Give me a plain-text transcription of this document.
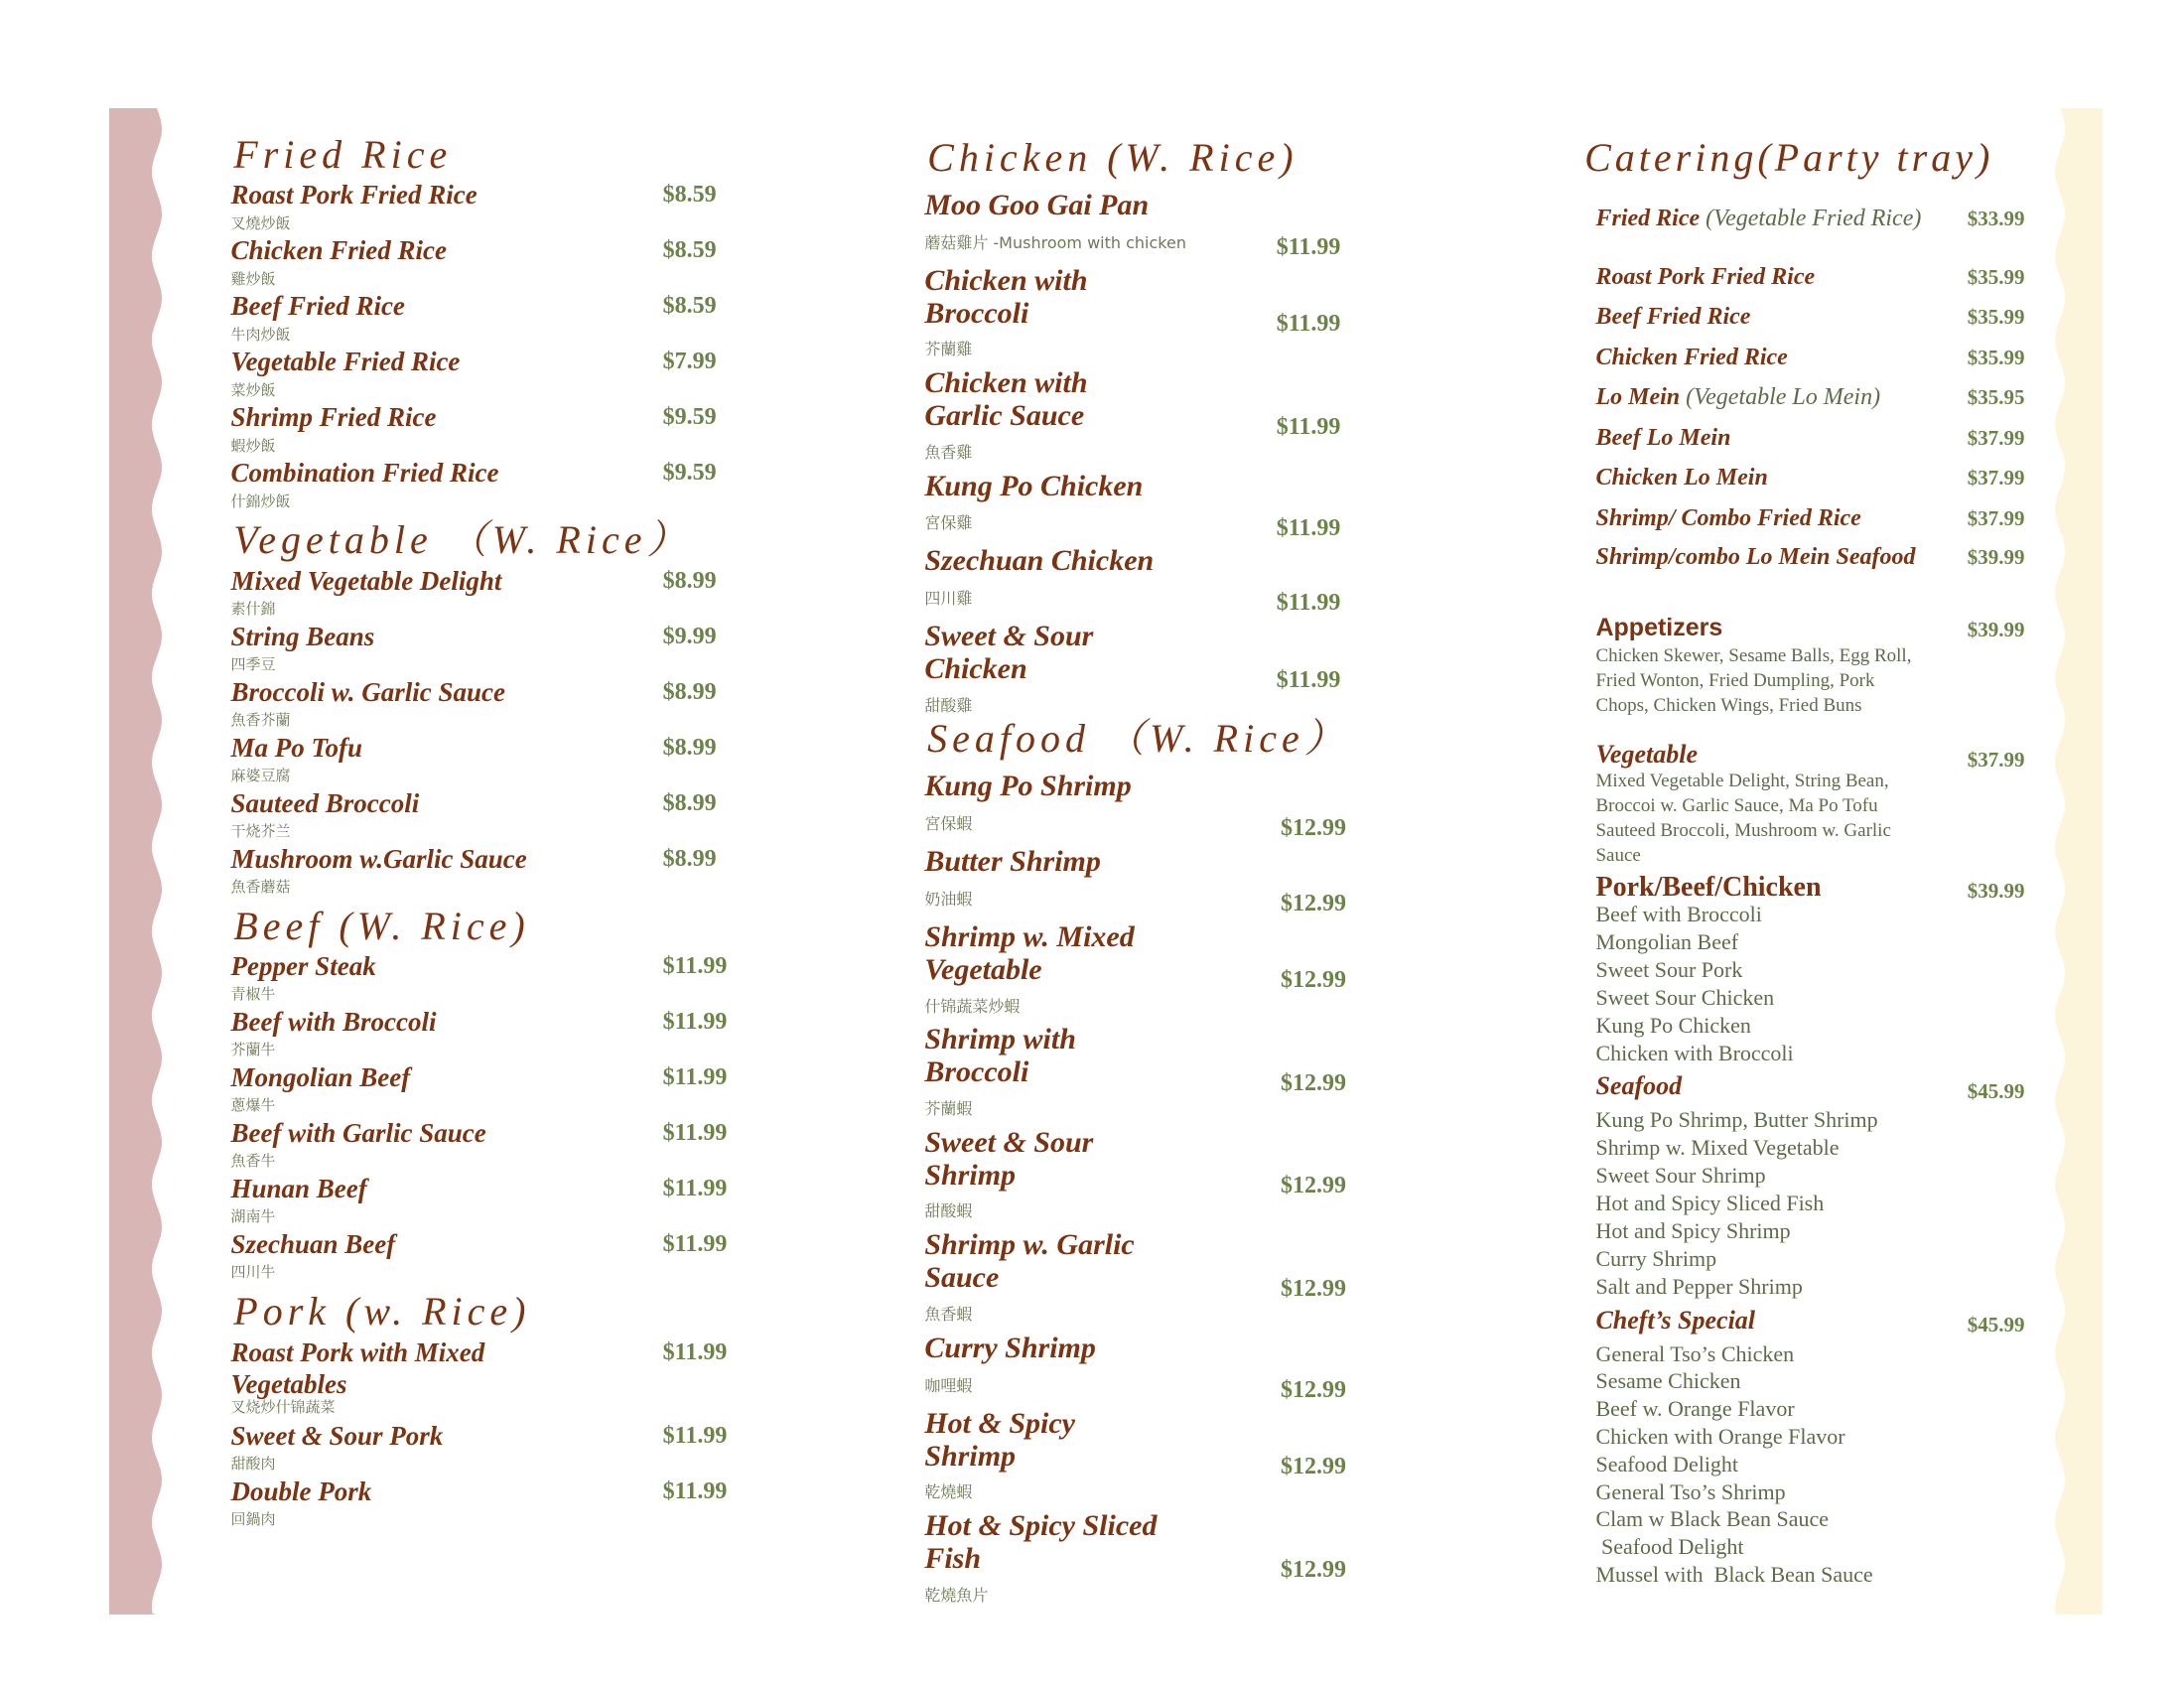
Fried Rice
Roast Pork Fried Rice	$8.59
叉燒炒飯
Chicken Fried Rice	$8.59
雞炒飯
Beef Fried Rice	$8.59
牛肉炒飯
Vegetable Fried Rice	$7.99
菜炒飯
Shrimp Fried Rice	$9.59
蝦炒飯
Combination Fried Rice	$9.59
什錦炒飯
Vegetable （W. Rice）
Mixed Vegetable Delight	$8.99
素什錦
String Beans	$9.99
四季豆
Broccoli w. Garlic Sauce	$8.99
魚香芥蘭
Ma Po Tofu	$8.99
麻婆豆腐
Sauteed Broccoli	$8.99
干烧芥兰
Mushroom w.Garlic Sauce	$8.99
魚香蘑菇
Beef (W. Rice)
Pepper Steak	$11.99
青椒牛
Beef with Broccoli	$11.99
芥蘭牛
Mongolian Beef	$11.99
蔥爆牛
Beef with Garlic Sauce	$11.99
魚香牛
Hunan Beef	$11.99
湖南牛
Szechuan Beef	$11.99
四川牛
Pork (w. Rice)
Roast Pork with Mixed
Vegetables
$11.99
叉烧炒什锦蔬菜
Sweet & Sour Pork	$11.99
甜酸肉
Double Pork	$11.99
回鍋肉
Chicken (W. Rice)
Moo Goo Gai Pan
$11.99
蘑菇雞片 -Mushroom with chicken
Chicken with
Broccoli	$11.99
芥蘭雞
Chicken with
Garlic Sauce	$11.99
魚香雞
Kung Po Chicken
$11.99
宮保雞
Szechuan Chicken
$11.99
四川雞
Sweet & Sour
Chicken	$11.99
甜酸雞
Seafood （W. Rice）
Kung Po Shrimp
$12.99
宮保蝦
Butter Shrimp
$12.99
奶油蝦
Shrimp w. Mixed
Vegetable	$12.99
什锦蔬菜炒蝦
Shrimp with
Broccoli	$12.99
芥蘭蝦
Sweet & Sour
Shrimp	$12.99
甜酸蝦
Shrimp w. Garlic
Sauce	$12.99
魚香蝦
Curry Shrimp
$12.99
咖哩蝦
Hot & Spicy
Shrimp	$12.99
乾燒蝦
Hot & Spicy Sliced
Fish	$12.99
乾燒魚片
Catering(Party tray)
Fried Rice (Vegetable Fried Rice) $33.99
Roast Pork Fried Rice	$35.99
Beef Fried Rice	$35.99
Chicken Fried Rice	$35.99
Lo Mein (Vegetable Lo Mein)	$35.95
Beef Lo Mein	$37.99
Chicken Lo Mein	$37.99
Shrimp/ Combo Fried Rice	$37.99
Shrimp/combo Lo Mein Seafood	$39.99
Appetizers	$39.99
Chicken Skewer, Sesame Balls, Egg Roll, Fried Wonton, Fried Dumpling, Pork Chops, Chicken Wings, Fried Buns
Vegetable	$37.99
Mixed Vegetable Delight, String Bean, Broccoi w. Garlic Sauce, Ma Po Tofu Sauteed Broccoli, Mushroom w. Garlic Sauce
Pork/Beef/Chicken	$39.99
Beef with Broccoli
Mongolian Beef
Sweet Sour Pork
Sweet Sour Chicken
Kung Po Chicken
Chicken with Broccoli
Seafood	$45.99
Kung Po Shrimp, Butter Shrimp
Shrimp w. Mixed Vegetable
Sweet Sour Shrimp
Hot and Spicy Sliced Fish
Hot and Spicy Shrimp
Curry Shrimp
Salt and Pepper Shrimp
Cheft’s Special	$45.99
General Tso’s Chicken
Sesame Chicken
Beef w. Orange Flavor
Chicken with Orange Flavor
Seafood Delight
General Tso’s Shrimp
Clam w Black Bean Sauce
Seafood Delight
Mussel with  Black Bean Sauce
